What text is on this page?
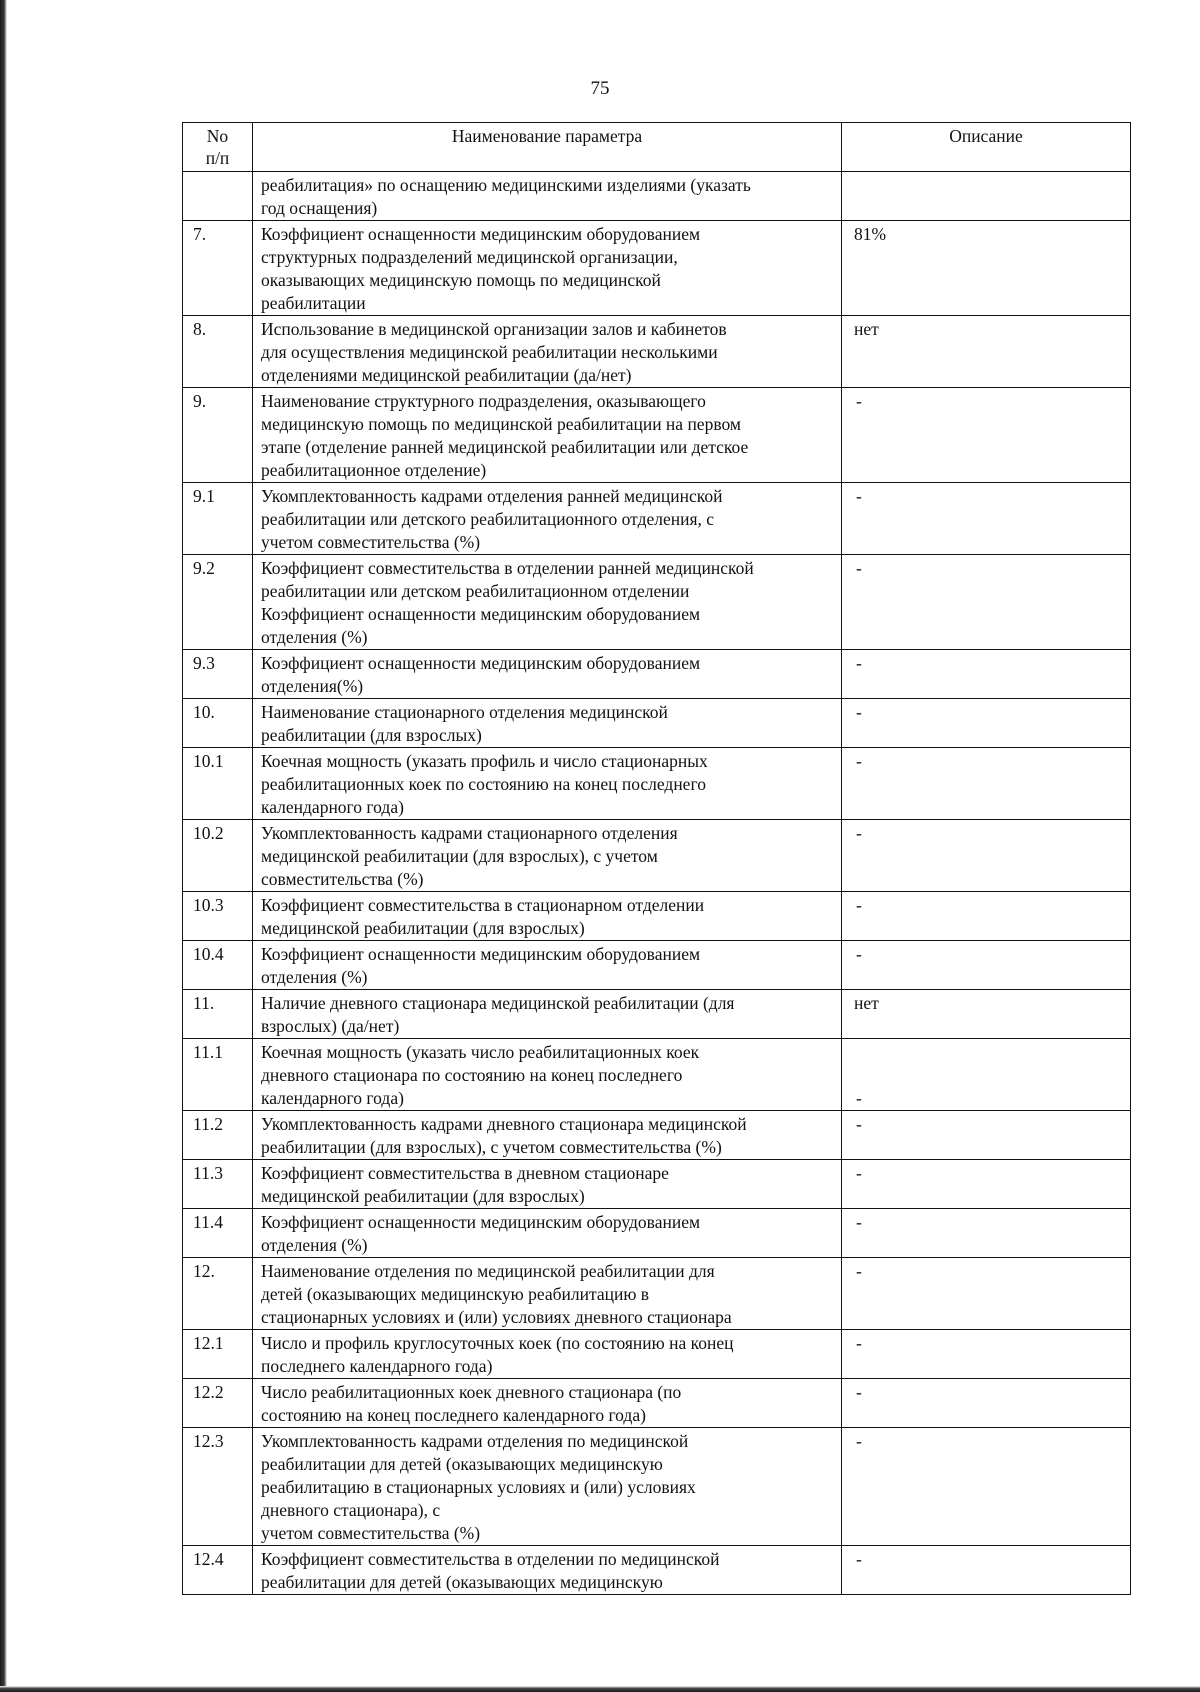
75
No
п/п	Наименование параметра	Описание
	реабилитация» по оснащению медицинскими изделиями (указать
год оснащения)	
7.	Коэффициент оснащенности медицинским оборудованием
структурных подразделений медицинской организации,
оказывающих медицинскую помощь по медицинской
реабилитации	81%
8.	Использование в медицинской организации залов и кабинетов
для осуществления медицинской реабилитации несколькими
отделениями медицинской реабилитации (да/нет)	нет
9.	Наименование структурного подразделения, оказывающего
медицинскую помощь по медицинской реабилитации на первом
этапе (отделение ранней медицинской реабилитации или детское
реабилитационное отделение)	-
9.1	Укомплектованность кадрами отделения ранней медицинской
реабилитации или детского реабилитационного отделения, с
учетом совместительства (%)	-
9.2	Коэффициент совместительства в отделении ранней медицинской
реабилитации или детском реабилитационном отделении
Коэффициент оснащенности медицинским оборудованием
отделения (%)	-
9.3	Коэффициент оснащенности медицинским оборудованием
отделения(%)	-
10.	Наименование стационарного отделения медицинской
реабилитации (для взрослых)	-
10.1	Коечная мощность (указать профиль и число стационарных
реабилитационных коек по состоянию на конец последнего
календарного года)	-
10.2	Укомплектованность кадрами стационарного отделения
медицинской реабилитации (для взрослых), с учетом
совместительства (%)	-
10.3	Коэффициент совместительства в стационарном отделении
медицинской реабилитации (для взрослых)	-
10.4	Коэффициент оснащенности медицинским оборудованием
отделения (%)	-
11.	Наличие дневного стационара медицинской реабилитации (для
взрослых) (да/нет)	нет
11.1	Коечная мощность (указать число реабилитационных коек
дневного стационара по состоянию на конец последнего
календарного года)	-
11.2	Укомплектованность кадрами дневного стационара медицинской
реабилитации (для взрослых), с учетом совместительства (%)	-
11.3	Коэффициент совместительства в дневном стационаре
медицинской реабилитации (для взрослых)	-
11.4	Коэффициент оснащенности медицинским оборудованием
отделения (%)	-
12.	Наименование отделения по медицинской реабилитации для
детей (оказывающих медицинскую реабилитацию в
стационарных условиях и (или) условиях дневного стационара	-
12.1	Число и профиль круглосуточных коек (по состоянию на конец
последнего календарного года)	-
12.2	Число реабилитационных коек дневного стационара (по
состоянию на конец последнего календарного года)	-
12.3	Укомплектованность кадрами отделения по медицинской
реабилитации для детей (оказывающих медицинскую
реабилитацию в стационарных условиях и (или) условиях
дневного стационара), с
учетом совместительства (%)	-
12.4	Коэффициент совместительства в отделении по медицинской
реабилитации для детей (оказывающих медицинскую	-
